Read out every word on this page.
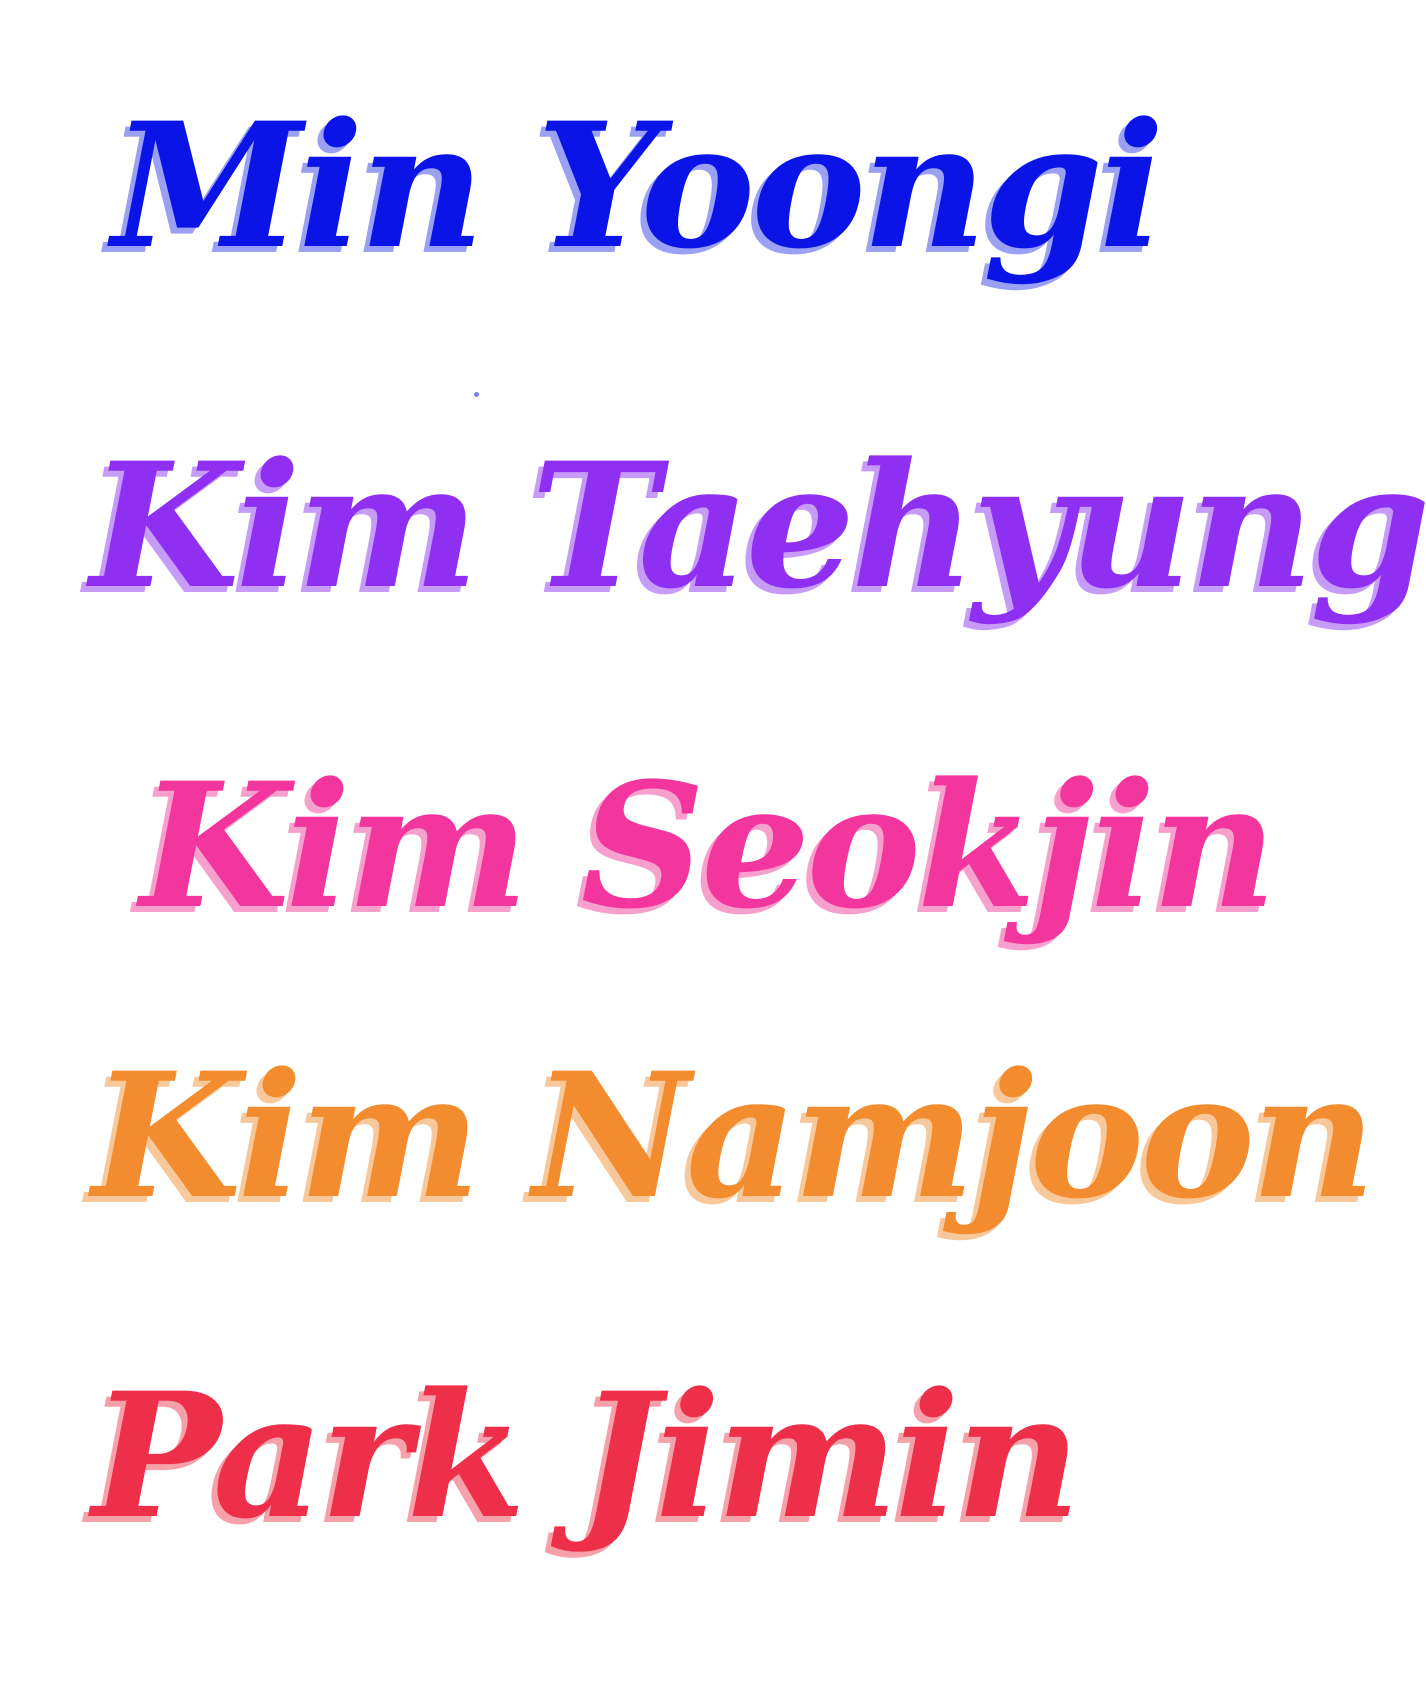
Min Yoongi
Kim Taehyung
Kim Seokjin
Kim Namjoon
Park Jimin
